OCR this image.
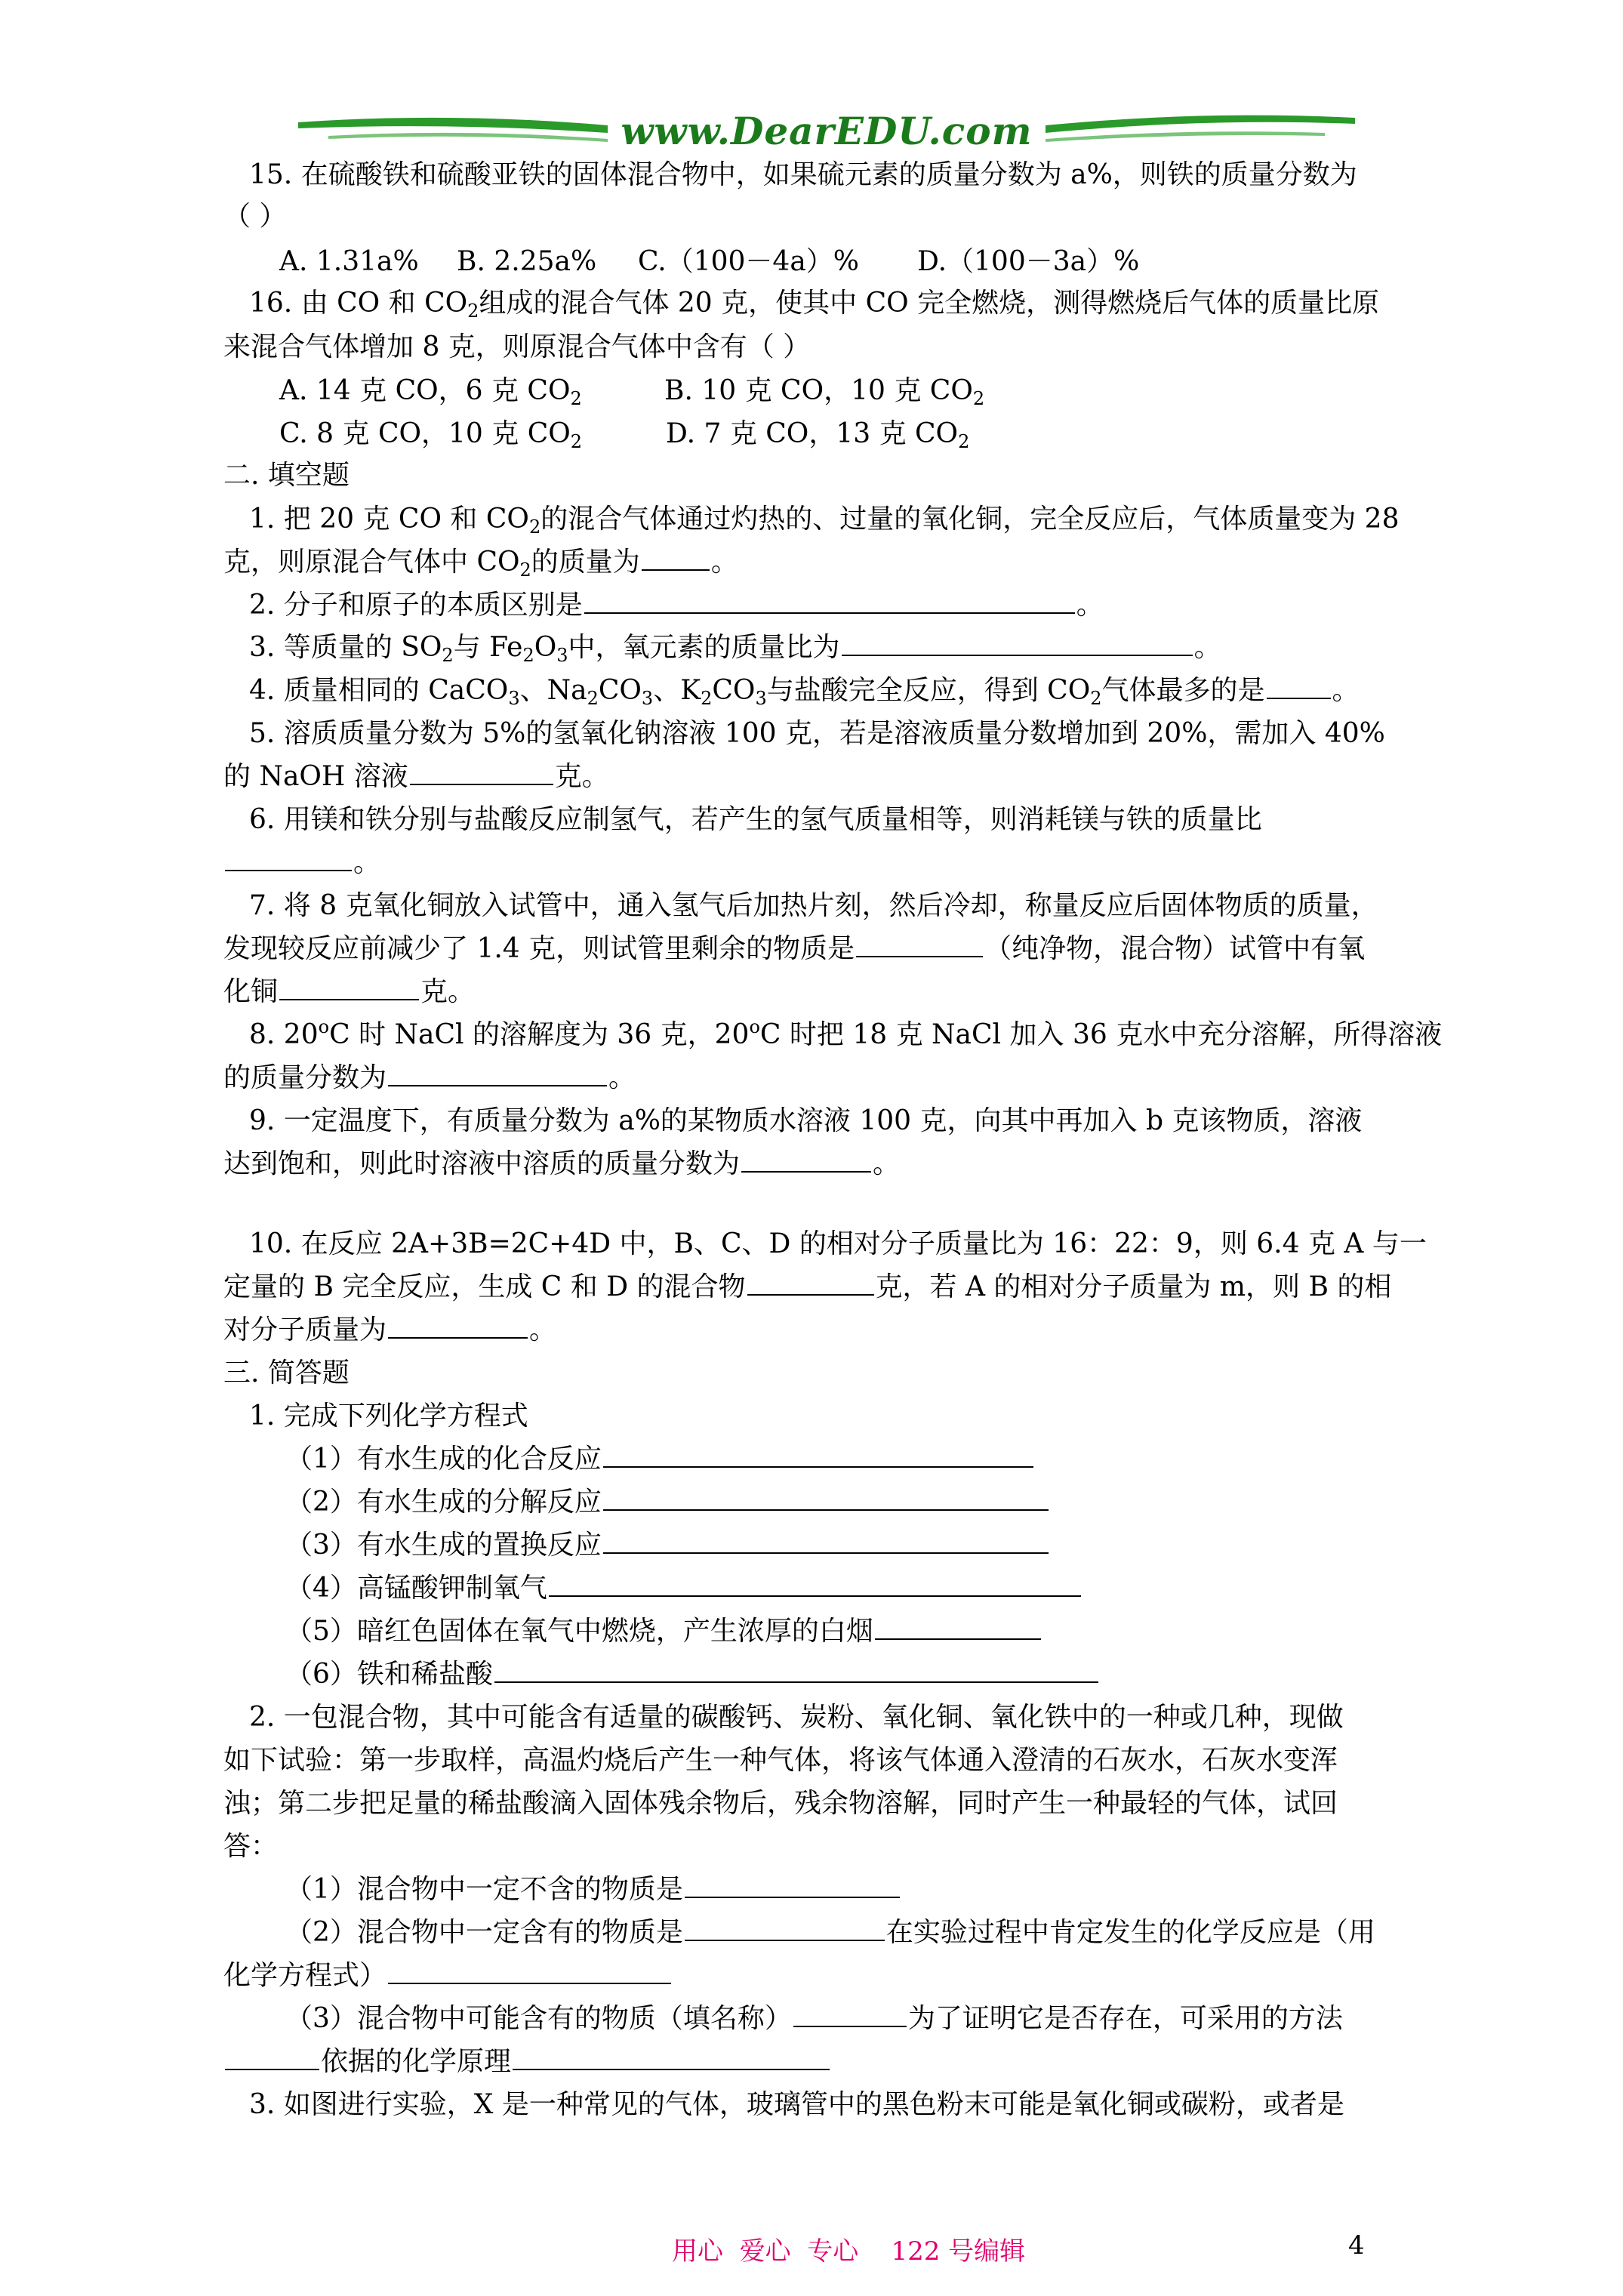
www.DearEDU.com
15. 在硫酸铁和硫酸亚铁的固体混合物中，如果硫元素的质量分数为 a%，则铁的质量分数为
（ ）
A. 1.31a% B. 2.25a% C.（100－4a）% D.（100－3a）%
16. 由 CO 和 $CO_2$组成的混合气体 20 克，使其中 CO 完全燃烧，测得燃烧后气体的质量比原
来混合气体增加 8 克，则原混合气体中含有（ ）
A. 14 克 CO，6 克 $CO_2$	B. 10 克 CO，10 克 $CO_2$
C. 8 克 CO，10 克 $CO_2$	D. 7 克 CO，13 克 $CO_2$
二. 填空题
1. 把 20 克 CO 和 $CO_2$的混合气体通过灼热的、过量的氧化铜，完全反应后，气体质量变为 28
克，则原混合气体中 $CO_2$的质量为	。
2. 分子和原子的本质区别是	。
3. 等质量的 $SO_2$与 $Fe_2O_3$中，氧元素的质量比为	。
4. 质量相同的 CaCO$_3$、$Na_2CO_3$、$K_2CO_3$与盐酸完全反应，得到 $CO_2$气体最多的是 。
5. 溶质质量分数为 5%的氢氧化钠溶液 100 克，若是溶液质量分数增加到 20%，需加入 40%
的 NaOH 溶液	克。
6. 用镁和铁分别与盐酸反应制氢气，若产生的氢气质量相等，则消耗镁与铁的质量比
。
7. 将 8 克氧化铜放入试管中，通入氢气后加热片刻，然后冷却，称量反应后固体物质的质量，
发现较反应前减少了 1.4 克，则试管里剩余的物质是	（纯净物，混合物）试管中有氧
化铜	克。
8. 20$^o$C 时 NaCl 的溶解度为 36 克，20$^o$C 时把 18 克 NaCl 加入 36 克水中充分溶解，所得溶液
的质量分数为	。
9. 一定温度下，有质量分数为 a%的某物质水溶液 100 克，向其中再加入 b 克该物质，溶液
达到饱和，则此时溶液中溶质的质量分数为	。
10. 在反应 2A+3B=2C+4D 中，B、C、D 的相对分子质量比为 16：22：9，则 6.4 克 A 与一
定量的 B 完全反应，生成 C 和 D 的混合物	克，若 A 的相对分子质量为 m，则 B 的相
对分子质量为	。
三. 简答题
1. 完成下列化学方程式
（1）有水生成的化合反应
（2）有水生成的分解反应
（3）有水生成的置换反应
（4）高锰酸钾制氧气
（5）暗红色固体在氧气中燃烧，产生浓厚的白烟
（6）铁和稀盐酸
2. 一包混合物，其中可能含有适量的碳酸钙、炭粉、氧化铜、氧化铁中的一种或几种，现做
如下试验：第一步取样，高温灼烧后产生一种气体，将该气体通入澄清的石灰水，石灰水变浑
浊；第二步把足量的稀盐酸滴入固体残余物后，残余物溶解，同时产生一种最轻的气体，试回
答：
（1）混合物中一定不含的物质是
（2）混合物中一定含有的物质是	在实验过程中肯定发生的化学反应是（用
化学方程式）
（3）混合物中可能含有的物质（填名称）	为了证明它是否存在，可采用的方法
依据的化学原理
3. 如图进行实验，X 是一种常见的气体，玻璃管中的黑色粉末可能是氧化铜或碳粉，或者是
用心  爱心  专心    122 号编辑	4
